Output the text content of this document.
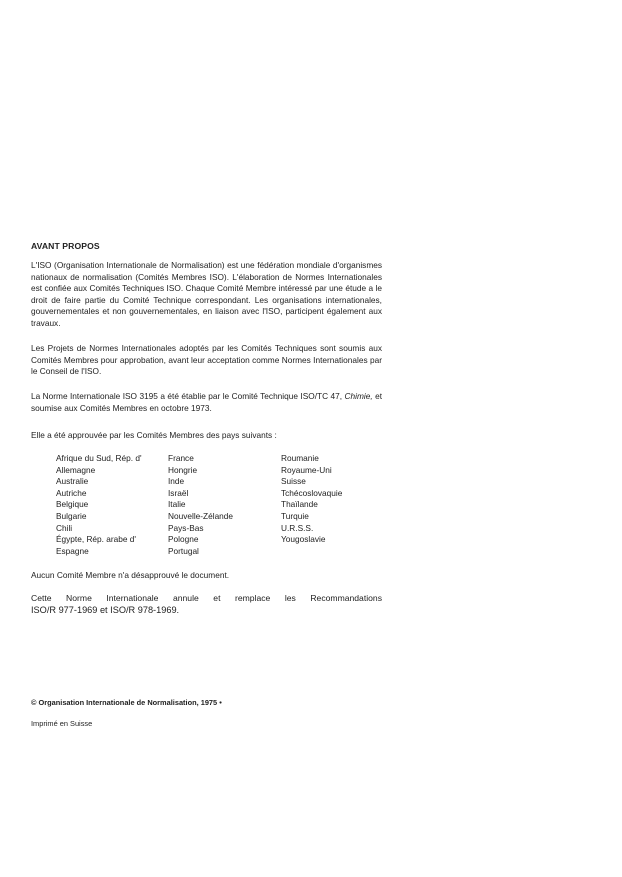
AVANT PROPOS

L'ISO (Organisation Internationale de Normalisation) est une fédération mondiale d'organismes nationaux de normalisation (Comités Membres ISO). L'élaboration de Normes Internationales est confiée aux Comités Techniques ISO. Chaque Comité Membre intéressé par une étude a le droit de faire partie du Comité Technique correspondant. Les organisations internationales, gouvernementales et non gouvernementales, en liaison avec l'ISO, participent également aux travaux.

Les Projets de Normes Internationales adoptés par les Comités Techniques sont soumis aux Comités Membres pour approbation, avant leur acceptation comme Normes Internationales par le Conseil de l'ISO.

La Norme Internationale ISO 3195 a été établie par le Comité Technique ISO/TC 47, Chimie, et soumise aux Comités Membres en octobre 1973.

Elle a été approuvée par les Comités Membres des pays suivants :

Afrique du Sud, Rép. d'
Allemagne
Australie
Autriche
Belgique
Bulgarie
Chili
Égypte, Rép. arabe d'
Espagne
France
Hongrie
Inde
Israël
Italie
Nouvelle-Zélande
Pays-Bas
Pologne
Portugal
Roumanie
Royaume-Uni
Suisse
Tchécoslovaquie
Thaïlande
Turquie
U.R.S.S.
Yougoslavie

Aucun Comité Membre n'a désapprouvé le document.

Cette Norme Internationale annule et remplace les Recommandations
ISO/R 977-1969 et ISO/R 978-1969.

© Organisation Internationale de Normalisation, 1975 •

Imprimé en Suisse
